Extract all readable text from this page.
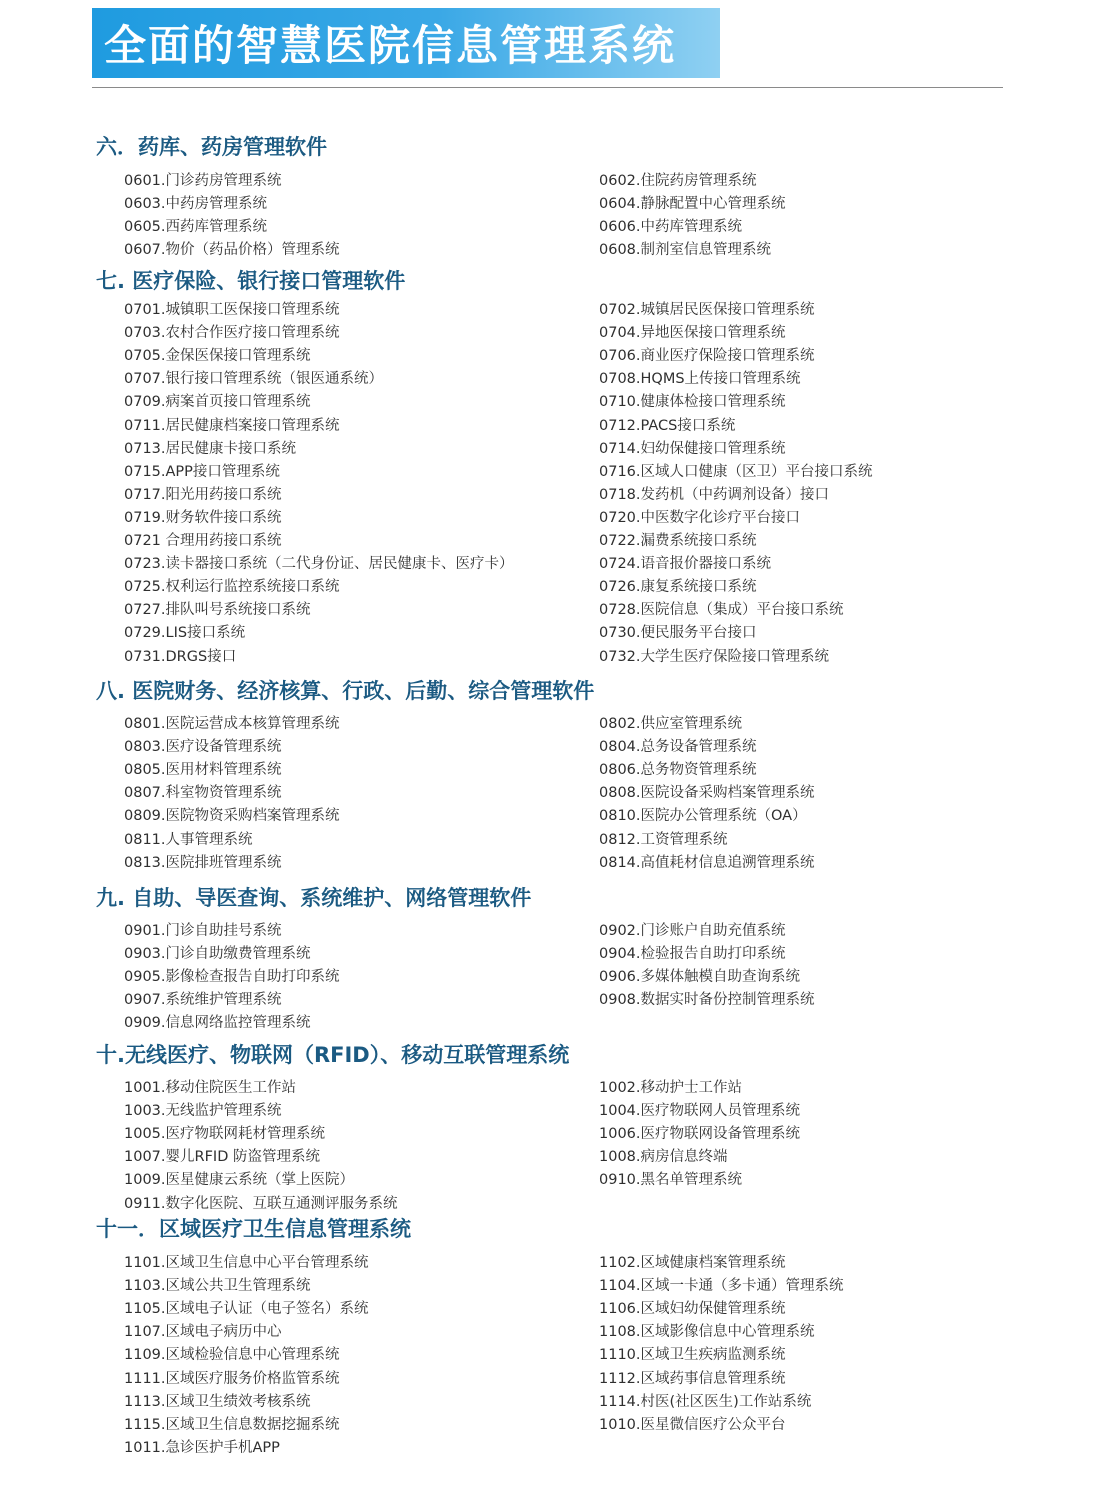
全面的智慧医院信息管理系统
六．药库、药房管理软件
0601.门诊药房管理系统	0602.住院药房管理系统
0603.中药房管理系统	0604.静脉配置中心管理系统
0605.西药库管理系统	0606.中药库管理系统
0607.物价（药品价格）管理系统	0608.制剂室信息管理系统
七. 医疗保险、银行接口管理软件
0701.城镇职工医保接口管理系统	0702.城镇居民医保接口管理系统
0703.农村合作医疗接口管理系统	0704.异地医保接口管理系统
0705.金保医保接口管理系统	0706.商业医疗保险接口管理系统
0707.银行接口管理系统（银医通系统）	0708.HQMS上传接口管理系统
0709.病案首页接口管理系统	0710.健康体检接口管理系统
0711.居民健康档案接口管理系统	0712.PACS接口系统
0713.居民健康卡接口系统	0714.妇幼保健接口管理系统
0715.APP接口管理系统	0716.区域人口健康（区卫）平台接口系统
0717.阳光用药接口系统	0718.发药机（中药调剂设备）接口
0719.财务软件接口系统	0720.中医数字化诊疗平台接口
0721 合理用药接口系统	0722.漏费系统接口系统
0723.读卡器接口系统（二代身份证、居民健康卡、医疗卡）	0724.语音报价器接口系统
0725.权利运行监控系统接口系统	0726.康复系统接口系统
0727.排队叫号系统接口系统	0728.医院信息（集成）平台接口系统
0729.LIS接口系统	0730.便民服务平台接口
0731.DRGS接口	0732.大学生医疗保险接口管理系统
八. 医院财务、经济核算、行政、后勤、综合管理软件
0801.医院运营成本核算管理系统	0802.供应室管理系统
0803.医疗设备管理系统	0804.总务设备管理系统
0805.医用材料管理系统	0806.总务物资管理系统
0807.科室物资管理系统	0808.医院设备采购档案管理系统
0809.医院物资采购档案管理系统	0810.医院办公管理系统（OA）
0811.人事管理系统	0812.工资管理系统
0813.医院排班管理系统	0814.高值耗材信息追溯管理系统
九. 自助、导医查询、系统维护、网络管理软件
0901.门诊自助挂号系统	0902.门诊账户自助充值系统
0903.门诊自助缴费管理系统	0904.检验报告自助打印系统
0905.影像检查报告自助打印系统	0906.多媒体触模自助查询系统
0907.系统维护管理系统	0908.数据实时备份控制管理系统
0909.信息网络监控管理系统
十.无线医疗、物联网（RFID）、移动互联管理系统
1001.移动住院医生工作站	1002.移动护士工作站
1003.无线监护管理系统	1004.医疗物联网人员管理系统
1005.医疗物联网耗材管理系统	1006.医疗物联网设备管理系统
1007.婴儿RFID 防盗管理系统	1008.病房信息终端
1009.医星健康云系统（掌上医院）	0910.黑名单管理系统
0911.数字化医院、互联互通测评服务系统
十一．区域医疗卫生信息管理系统
1101.区域卫生信息中心平台管理系统	1102.区域健康档案管理系统
1103.区域公共卫生管理系统	1104.区域一卡通（多卡通）管理系统
1105.区域电子认证（电子签名）系统	1106.区域妇幼保健管理系统
1107.区域电子病历中心	1108.区域影像信息中心管理系统
1109.区域检验信息中心管理系统	1110.区域卫生疾病监测系统
1111.区域医疗服务价格监管系统	1112.区域药事信息管理系统
1113.区域卫生绩效考核系统	1114.村医(社区医生)工作站系统
1115.区域卫生信息数据挖掘系统	1010.医星微信医疗公众平台
1011.急诊医护手机APP
